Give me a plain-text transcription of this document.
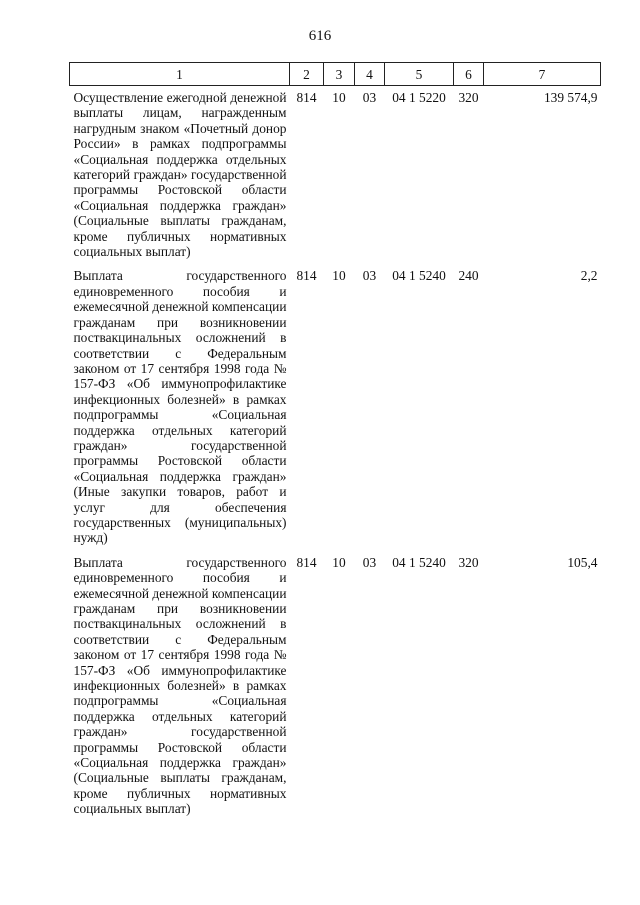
616
1	2	3	4	5	6	7
Осуществление ежегодной денежной выплаты лицам, награжденным нагрудным знаком «Почетный донор России» в рамках подпрограммы «Социальная поддержка отдельных категорий граждан» государственной программы Ростовской области «Социальная поддержка граждан» (Социальные выплаты гражданам, кроме публичных нормативных социальных выплат)	814	10	03	04 1 5220	320	139 574,9
Выплата государственного единовременного пособия и ежемесячной денежной компенсации гражданам при возникновении поствакцинальных осложнений в соответствии с Федеральным законом от 17 сентября 1998 года № 157-ФЗ «Об иммунопрофилактике инфекционных болезней» в рамках подпрограммы «Социальная поддержка отдельных категорий граждан» государственной программы Ростовской области «Социальная поддержка граждан» (Иные закупки товаров, работ и услуг для обеспечения государственных (муниципальных) нужд)	814	10	03	04 1 5240	240	2,2
Выплата государственного единовременного пособия и ежемесячной денежной компенсации гражданам при возникновении поствакцинальных осложнений в соответствии с Федеральным законом от 17 сентября 1998 года № 157-ФЗ «Об иммунопрофилактике инфекционных болезней» в рамках подпрограммы «Социальная поддержка отдельных категорий граждан» государственной программы Ростовской области «Социальная поддержка граждан» (Социальные выплаты гражданам, кроме публичных нормативных социальных выплат)	814	10	03	04 1 5240	320	105,4
